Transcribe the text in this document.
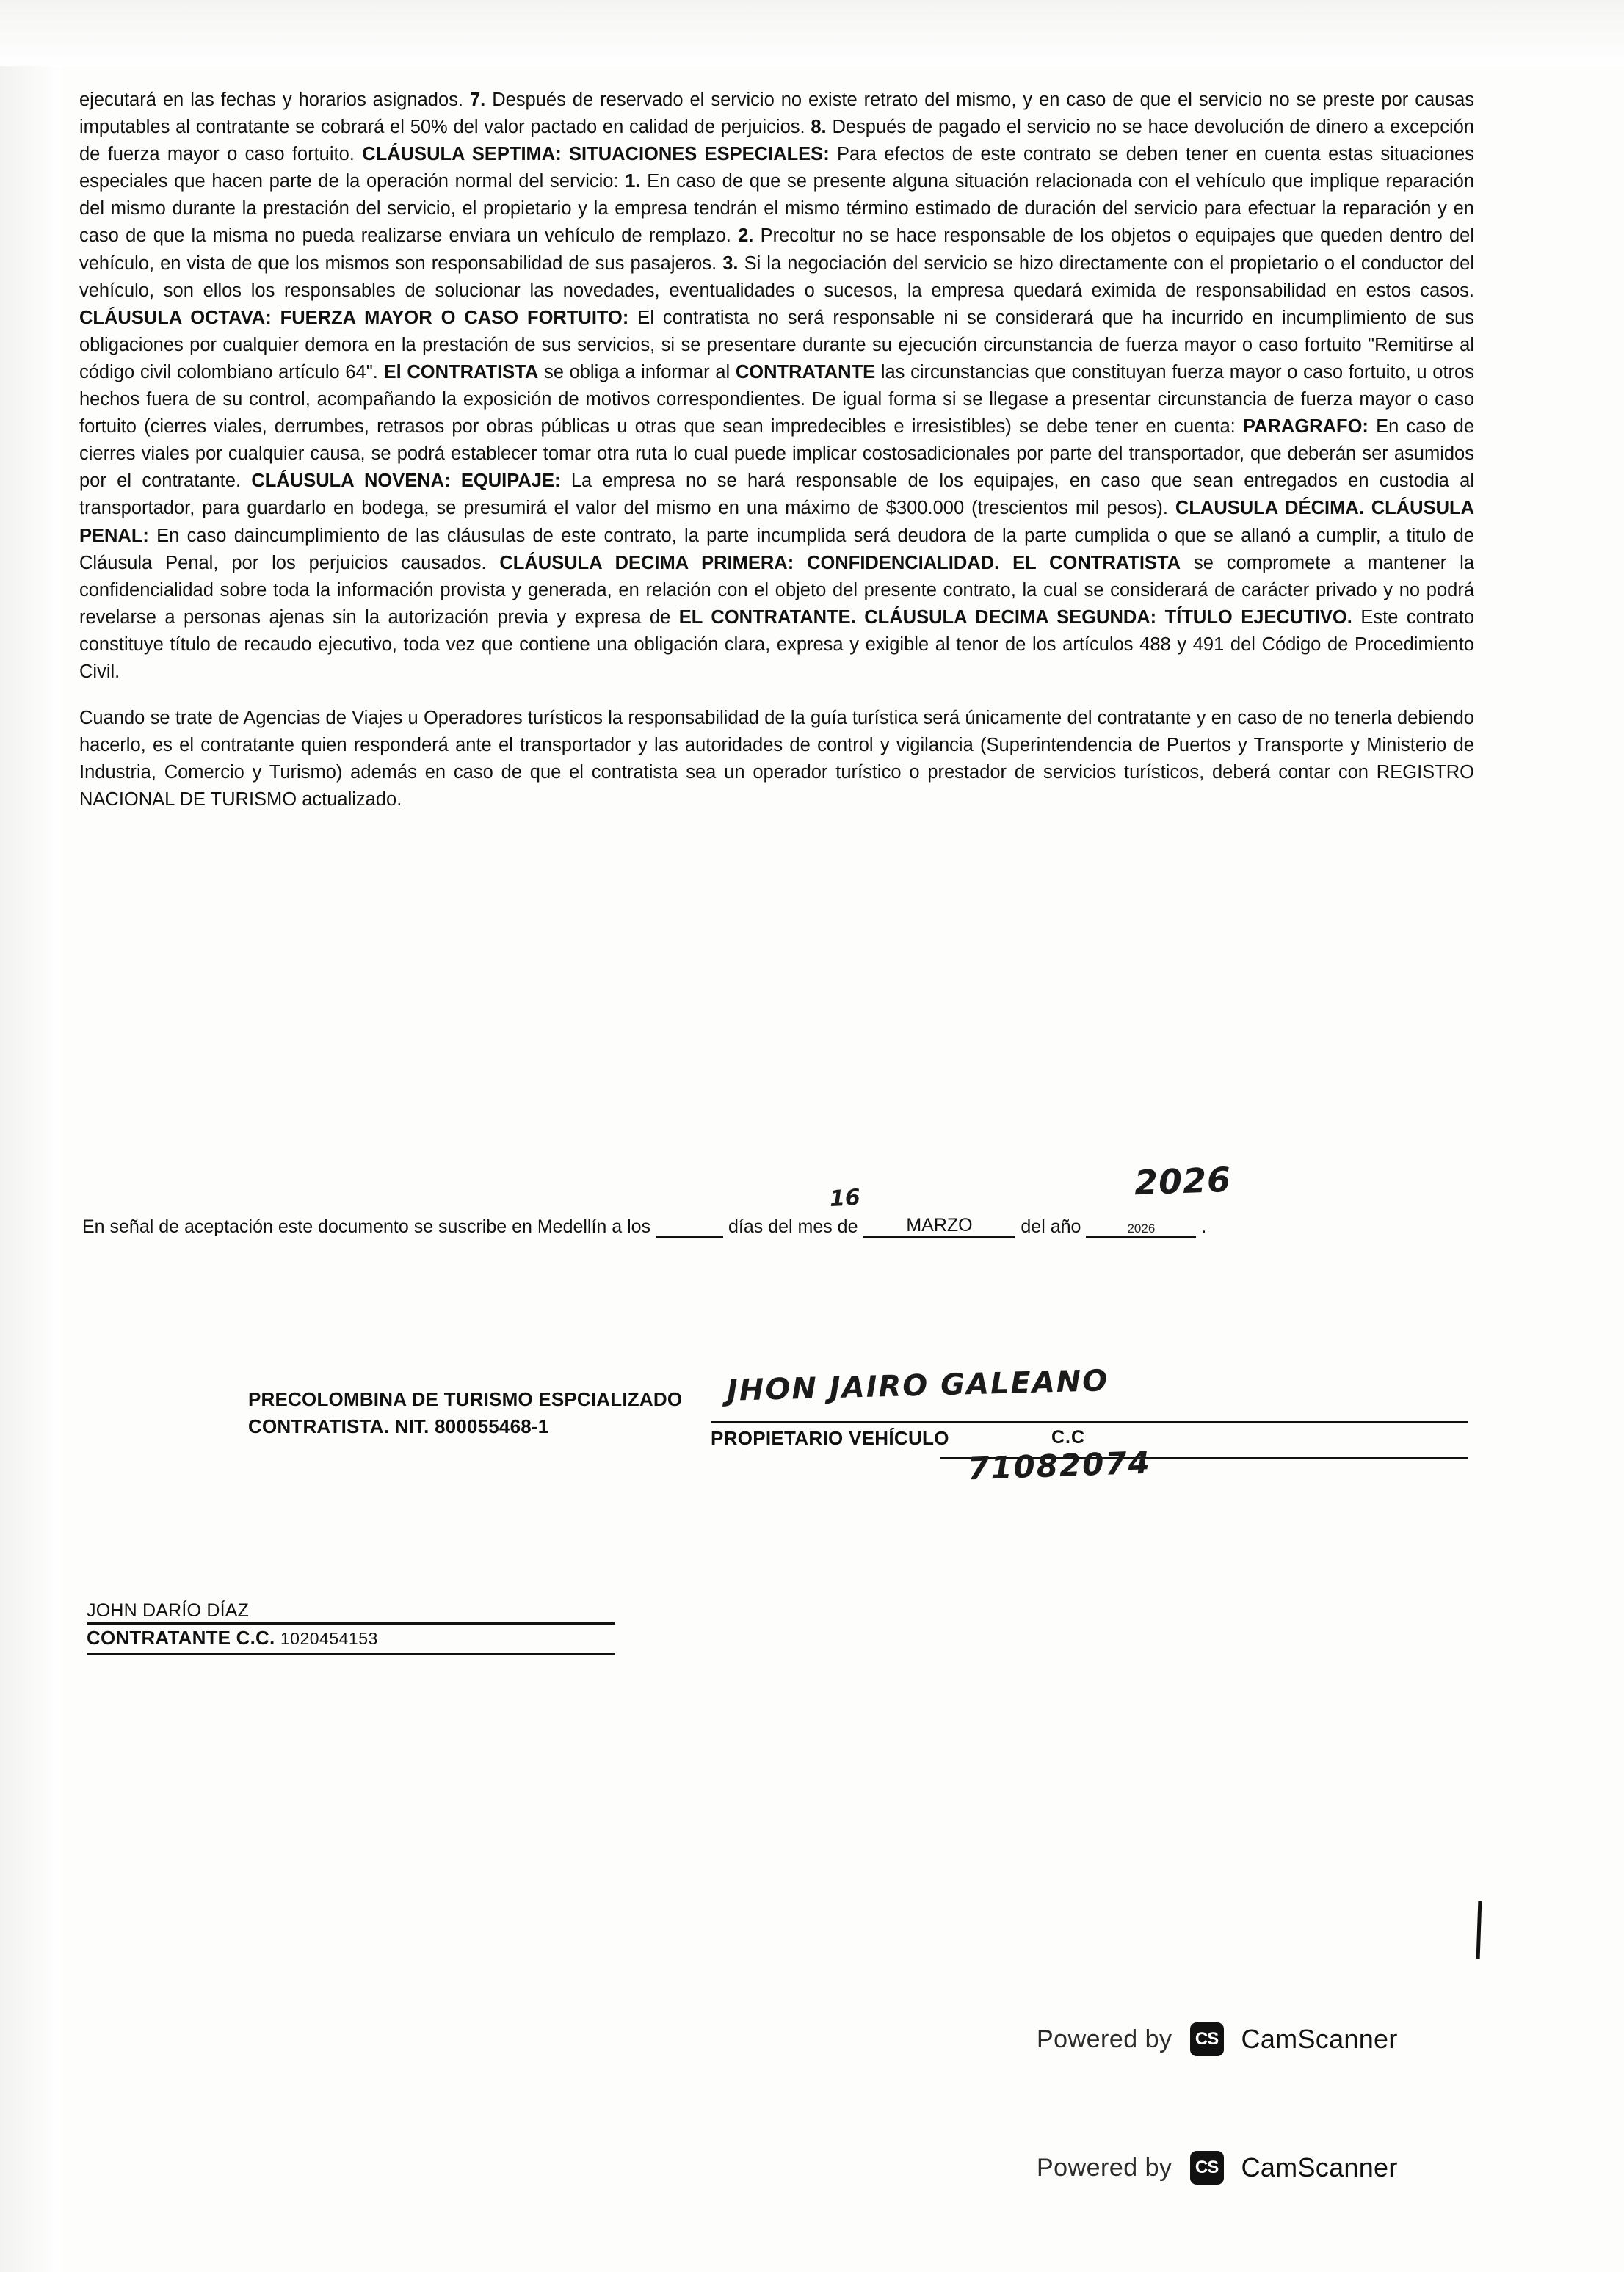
ejecutará en las fechas y horarios asignados. 7. Después de reservado el servicio no existe retrato del mismo, y en caso de que el servicio no se preste por causas imputables al contratante se cobrará el 50% del valor pactado en calidad de perjuicios. 8. Después de pagado el servicio no se hace devolución de dinero a excepción de fuerza mayor o caso fortuito. CLÁUSULA SEPTIMA: SITUACIONES ESPECIALES: Para efectos de este contrato se deben tener en cuenta estas situaciones especiales que hacen parte de la operación normal del servicio: 1. En caso de que se presente alguna situación relacionada con el vehículo que implique reparación del mismo durante la prestación del servicio, el propietario y la empresa tendrán el mismo término estimado de duración del servicio para efectuar la reparación y en caso de que la misma no pueda realizarse enviara un vehículo de remplazo. 2. Precoltur no se hace responsable de los objetos o equipajes que queden dentro del vehículo, en vista de que los mismos son responsabilidad de sus pasajeros. 3. Si la negociación del servicio se hizo directamente con el propietario o el conductor del vehículo, son ellos los responsables de solucionar las novedades, eventualidades o sucesos, la empresa quedará eximida de responsabilidad en estos casos. CLÁUSULA OCTAVA: FUERZA MAYOR O CASO FORTUITO: El contratista no será responsable ni se considerará que ha incurrido en incumplimiento de sus obligaciones por cualquier demora en la prestación de sus servicios, si se presentare durante su ejecución circunstancia de fuerza mayor o caso fortuito "Remitirse al código civil colombiano artículo 64". El CONTRATISTA se obliga a informar al CONTRATANTE las circunstancias que constituyan fuerza mayor o caso fortuito, u otros hechos fuera de su control, acompañando la exposición de motivos correspondientes. De igual forma si se llegase a presentar circunstancia de fuerza mayor o caso fortuito (cierres viales, derrumbes, retrasos por obras públicas u otras que sean impredecibles e irresistibles) se debe tener en cuenta: PARAGRAFO: En caso de cierres viales por cualquier causa, se podrá establecer tomar otra ruta lo cual puede implicar costosadicionales por parte del transportador, que deberán ser asumidos por el contratante. CLÁUSULA NOVENA: EQUIPAJE: La empresa no se hará responsable de los equipajes, en caso que sean entregados en custodia al transportador, para guardarlo en bodega, se presumirá el valor del mismo en una máximo de $300.000 (trescientos mil pesos). CLAUSULA DÉCIMA. CLÁUSULA PENAL: En caso daincumplimiento de las cláusulas de este contrato, la parte incumplida será deudora de la parte cumplida o que se allanó a cumplir, a titulo de Cláusula Penal, por los perjuicios causados. CLÁUSULA DECIMA PRIMERA: CONFIDENCIALIDAD. EL CONTRATISTA se compromete a mantener la confidencialidad sobre toda la información provista y generada, en relación con el objeto del presente contrato, la cual se considerará de carácter privado y no podrá revelarse a personas ajenas sin la autorización previa y expresa de EL CONTRATANTE. CLÁUSULA DECIMA SEGUNDA: TÍTULO EJECUTIVO. Este contrato constituye título de recaudo ejecutivo, toda vez que contiene una obligación clara, expresa y exigible al tenor de los artículos 488 y 491 del Código de Procedimiento Civil.

Cuando se trate de Agencias de Viajes u Operadores turísticos la responsabilidad de la guía turística será únicamente del contratante y en caso de no tenerla debiendo hacerlo, es el contratante quien responderá ante el transportador y las autoridades de control y vigilancia (Superintendencia de Puertos y Transporte y Ministerio de Industria, Comercio y Turismo) además en caso de que el contratista sea un operador turístico o prestador de servicios turísticos, deberá contar con REGISTRO NACIONAL DE TURISMO actualizado.

En señal de aceptación este documento se suscribe en Medellín a los	días del mes de	MARZO	del año	2026	.
16	2026
PRECOLOMBINA DE TURISMO ESPCIALIZADO
CONTRATISTA. NIT. 800055468-1
JHON JAIRO GALEANO
PROPIETARIO VEHÍCULO	C.C
71082074
JOHN DARÍO DÍAZ
CONTRATANTE C.C. 1020454153
Powered by	CS CamScanner
Powered by	CS CamScanner
